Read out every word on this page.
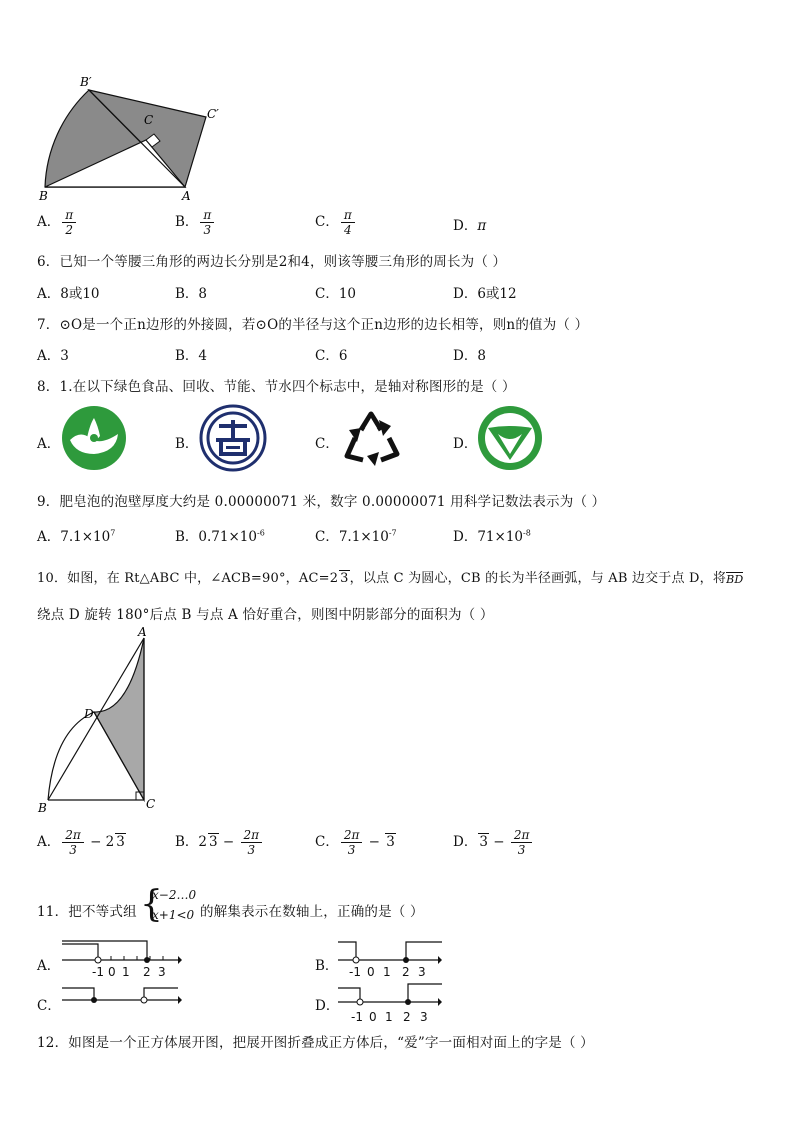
B′
C	C′
B	A
A． $\frac{\pi}{2}$	B． $\frac{\pi}{3}$	C． $\frac{\pi}{4}$	D．π
6．已知一个等腰三角形的两边长分别是2和4，则该等腰三角形的周长为（ ）
A．8或10	B．8	C．10	D．6或12
7．⊙O是一个正n边形的外接圆，若⊙O的半径与这个正n边形的边长相等，则n的值为（ ）
A．3	B．4	C．6	D．8
8．1.在以下绿色食品、回收、节能、节水四个标志中，是轴对称图形的是（ ）
A．	B．	C．	D．
9．肥皂泡的泡壁厚度大约是 0.00000071 米，数字 0.00000071 用科学记数法表示为（ ）
A．$7.1\times 10^7$	B．$0.71\times 10^{-6}$	C．$7.1\times 10^{-7}$	D．$71\times 10^{-8}$
10．如图，在 Rt△ABC 中，∠ACB=90°，AC=2 3，以点 C 为圆心，CB 的长为半径画弧，与 AB 边交于点 D，将BD
绕点 D 旋转 180°后点 B 与点 A 恰好重合，则图中阴影部分的面积为（ ）
A
D
B	C
A． $\frac{2\pi}{3} - 2$ 3	B．2 $3 - \frac{2\pi}{3}$	C． $\frac{2\pi}{3} - 3$	D． $3 - \frac{2\pi}{3}$
11．把不等式组 {
x−2…0
x+1<0 的解集表示在数轴上，正确的是（ ）
A．	B．
C．	D．
-1 0 1 2 3	-1 0 1 2 3
-1 0 1 2 3
12．如图是一个正方体展开图，把展开图折叠成正方体后，“爱”字一面相对面上的字是（ ）
